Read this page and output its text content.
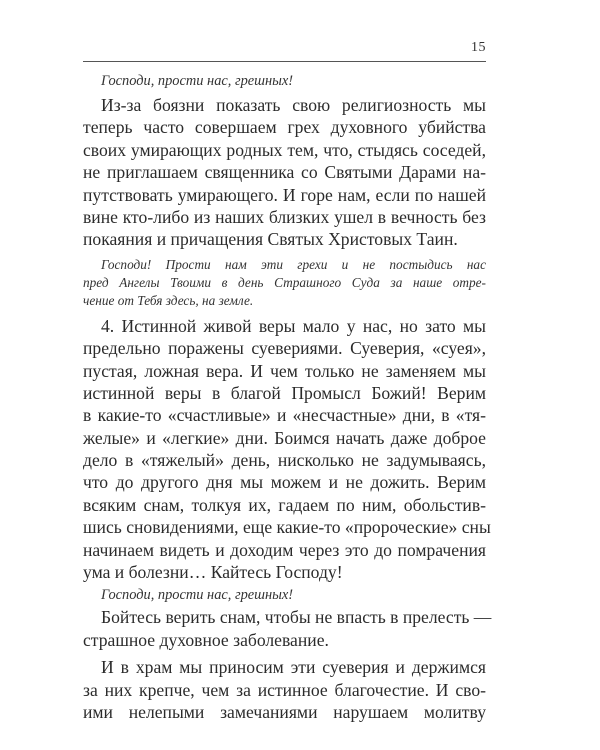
15
Господи, прости нас, грешных!
Из-за боязни показать свою религиозность мы
теперь часто совершаем грех духовного убийства
своих умирающих родных тем, что, стыдясь соседей,
не приглашаем священника со Святыми Дарами на-
путствовать умирающего. И горе нам, если по нашей
вине кто-либо из наших близких ушел в вечность без
покаяния и причащения Святых Христовых Таин.
Господи! Прости нам эти грехи и не постыдись нас
пред Ангелы Твоими в день Страшного Суда за наше отре-
чение от Тебя здесь, на земле.
4. Истинной живой веры мало у нас, но зато мы
предельно поражены суевериями. Суеверия, «суея»,
пустая, ложная вера. И чем только не заменяем мы
истинной веры в благой Промысл Божий! Верим
в какие-то «счастливые» и «несчастные» дни, в «тя-
желые» и «легкие» дни. Боимся начать даже доброе
дело в «тяжелый» день, нисколько не задумываясь,
что до другого дня мы можем и не дожить. Верим
всяким снам, толкуя их, гадаем по ним, обольстив-
шись сновидениями, еще какие-то «пророческие» сны
начинаем видеть и доходим через это до помрачения
ума и болезни… Кайтесь Господу!
Господи, прости нас, грешных!
Бойтесь верить снам, чтобы не впасть в прелесть —
страшное духовное заболевание.
И в храм мы приносим эти суеверия и держимся
за них крепче, чем за истинное благочестие. И сво-
ими нелепыми замечаниями нарушаем молитву
